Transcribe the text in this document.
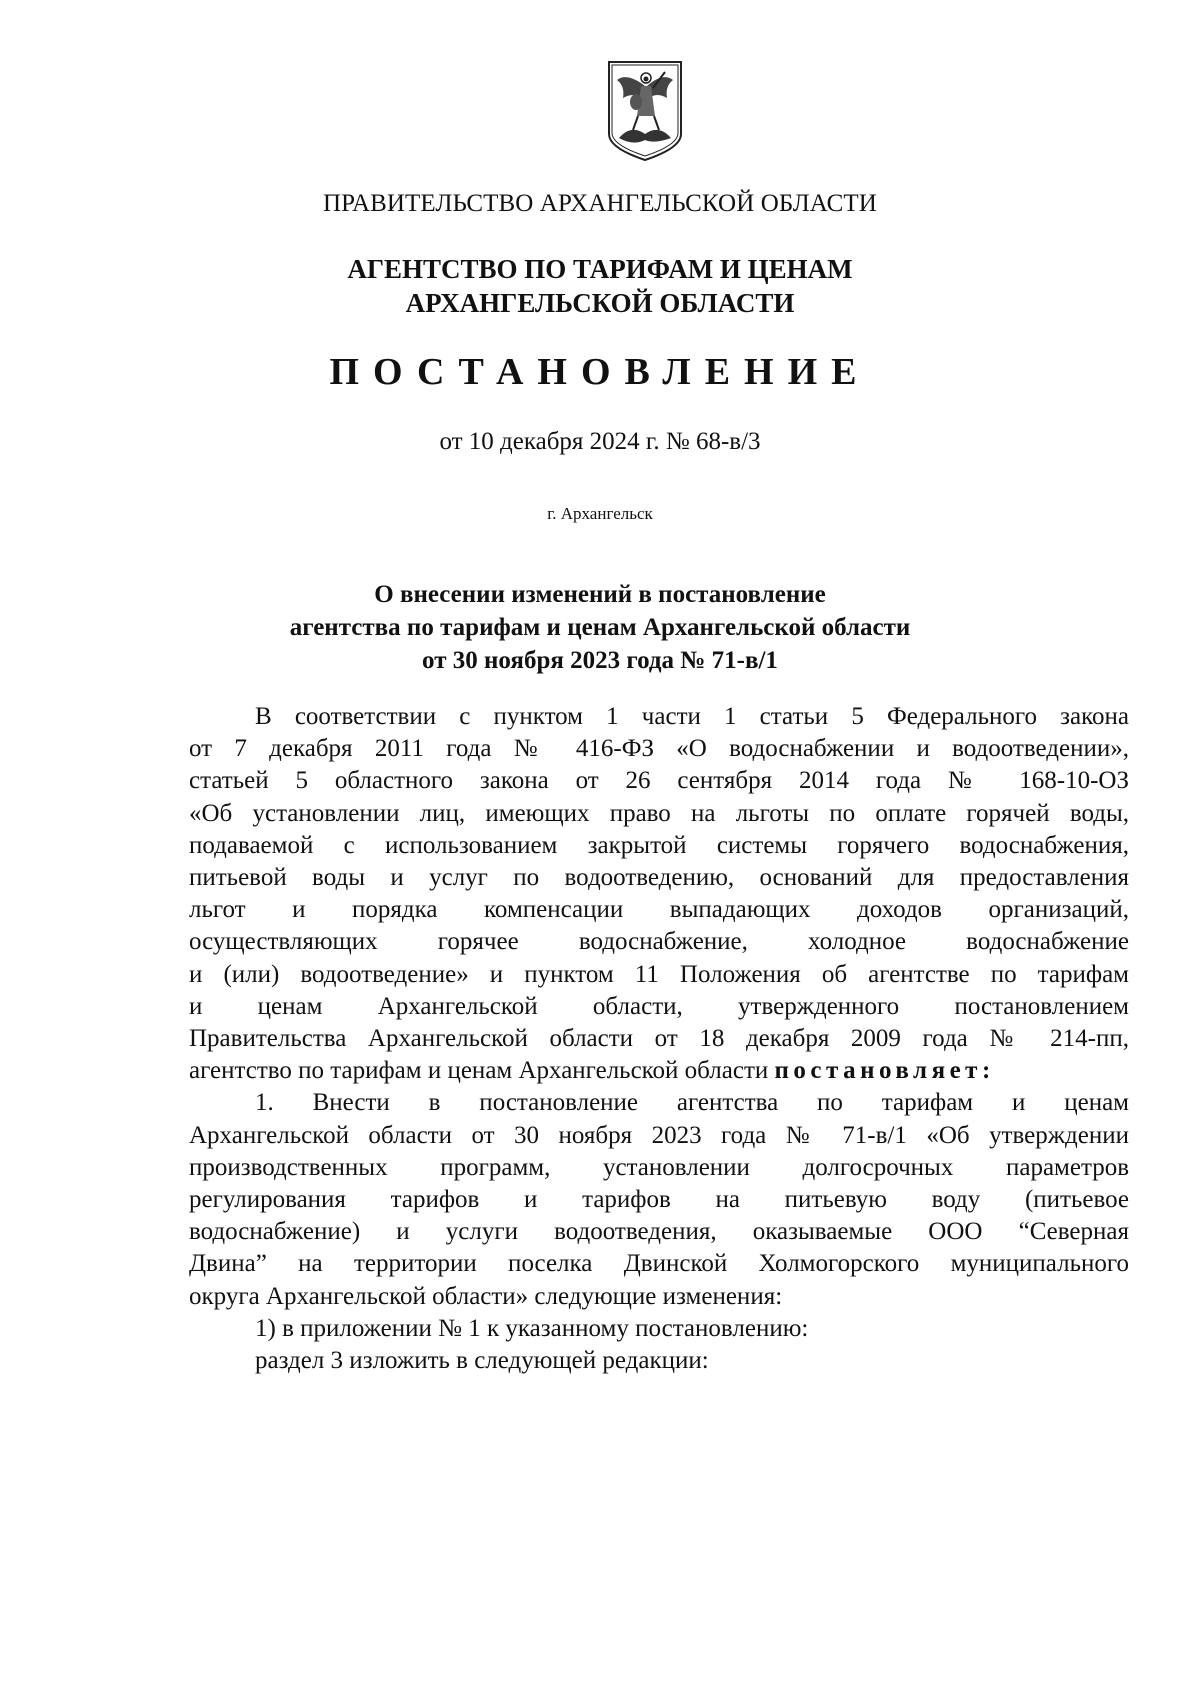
ПРАВИТЕЛЬСТВО АРХАНГЕЛЬСКОЙ ОБЛАСТИ
АГЕНТСТВО ПО ТАРИФАМ И ЦЕНАМ
АРХАНГЕЛЬСКОЙ ОБЛАСТИ
ПОСТАНОВЛЕНИЕ
от 10 декабря 2024 г. № 68-в/3
г. Архангельск
О внесении изменений в постановление
агентства по тарифам и ценам Архангельской области
от 30 ноября 2023 года № 71-в/1
В соответствии с пунктом 1 части 1 статьи 5 Федерального закона
от 7 декабря 2011 года № 416-ФЗ «О водоснабжении и водоотведении»,
статьей 5 областного закона от 26 сентября 2014 года № 168-10-ОЗ
«Об установлении лиц, имеющих право на льготы по оплате горячей воды,
подаваемой с использованием закрытой системы горячего водоснабжения,
питьевой воды и услуг по водоотведению, оснований для предоставления
льгот и порядка компенсации выпадающих доходов организаций,
осуществляющих горячее водоснабжение, холодное водоснабжение
и (или) водоотведение» и пунктом 11 Положения об агентстве по тарифам
и ценам Архангельской области, утвержденного постановлением
Правительства Архангельской области от 18 декабря 2009 года № 214-пп,
агентство по тарифам и ценам Архангельской области постановляет:
1. Внести в постановление агентства по тарифам и ценам
Архангельской области от 30 ноября 2023 года № 71-в/1 «Об утверждении
производственных программ, установлении долгосрочных параметров
регулирования тарифов и тарифов на питьевую воду (питьевое
водоснабжение) и услуги водоотведения, оказываемые ООО “Северная
Двина” на территории поселка Двинской Холмогорского муниципального
округа Архангельской области» следующие изменения:
1) в приложении № 1 к указанному постановлению:
раздел 3 изложить в следующей редакции:
